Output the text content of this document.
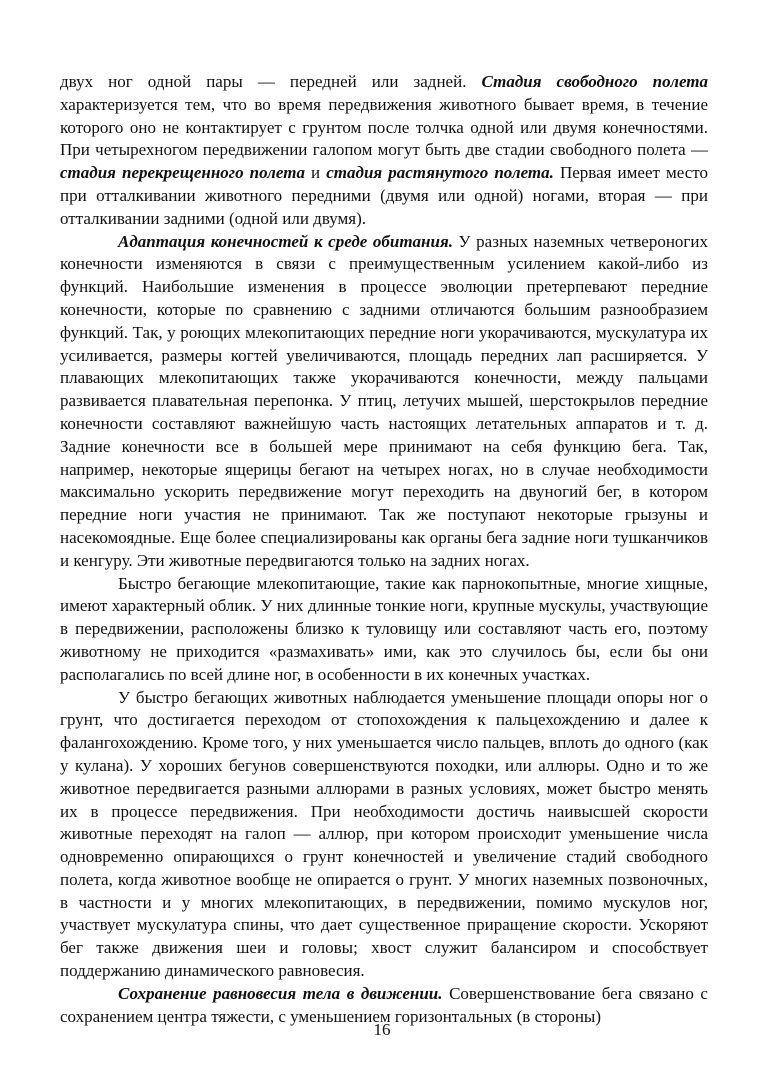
двух ног одной пары — передней или задней. Стадия свободного полета характеризуется тем, что во время передвижения животного бывает время, в течение которого оно не контактирует с грунтом после толчка одной или двумя конечностями. При четырехногом передвижении галопом могут быть две стадии свободного полета — стадия перекрещенного полета и стадия растянутого полета. Первая имеет место при отталкивании животного передними (двумя или одной) ногами, вторая — при отталкивании задними (одной или двумя).

Адаптация конечностей к среде обитания. У разных наземных четвероногих конечности изменяются в связи с преимущественным усилением какой-либо из функций. Наибольшие изменения в процессе эволюции претерпевают передние конечности, которые по сравнению с задними отличаются большим разнообразием функций. Так, у роющих млекопитающих передние ноги укорачиваются, мускулатура их усиливается, размеры когтей увеличиваются, площадь передних лап расширяется. У плавающих млекопитающих также укорачиваются конечности, между пальцами развивается плавательная перепонка. У птиц, летучих мышей, шерстокрылов передние конечности составляют важнейшую часть настоящих летательных аппаратов и т. д. Задние конечности все в большей мере принимают на себя функцию бега. Так, например, некоторые ящерицы бегают на четырех ногах, но в случае необходимости максимально ускорить передвижение могут переходить на двуногий бег, в котором передние ноги участия не принимают. Так же поступают некоторые грызуны и насекомоядные. Еще более специализированы как органы бега задние ноги тушканчиков и кенгуру. Эти животные передвигаются только на задних ногах.

Быстро бегающие млекопитающие, такие как парнокопытные, многие хищные, имеют характерный облик. У них длинные тонкие ноги, крупные мускулы, участвующие в передвижении, расположены близко к туловищу или составляют часть его, поэтому животному не приходится «размахивать» ими, как это случилось бы, если бы они располагались по всей длине ног, в особенности в их конечных участках.

У быстро бегающих животных наблюдается уменьшение площади опоры ног о грунт, что достигается переходом от стопохождения к пальцехождению и далее к фалангохождению. Кроме того, у них уменьшается число пальцев, вплоть до одного (как у кулана). У хороших бегунов совершенствуются походки, или аллюры. Одно и то же животное передвигается разными аллюрами в разных условиях, может быстро менять их в процессе передвижения. При необходимости достичь наивысшей скорости животные переходят на галоп — аллюр, при котором происходит уменьшение числа одновременно опирающихся о грунт конечностей и увеличение стадий свободного полета, когда животное вообще не опирается о грунт. У многих наземных позвоночных, в частности и у многих млекопитающих, в передвижении, помимо мускулов ног, участвует мускулатура спины, что дает существенное приращение скорости. Ускоряют бег также движения шеи и головы; хвост служит балансиром и способствует поддержанию динамического равновесия.

Сохранение равновесия тела в движении. Совершенствование бега связано с сохранением центра тяжести, с уменьшением горизонтальных (в стороны)

16
